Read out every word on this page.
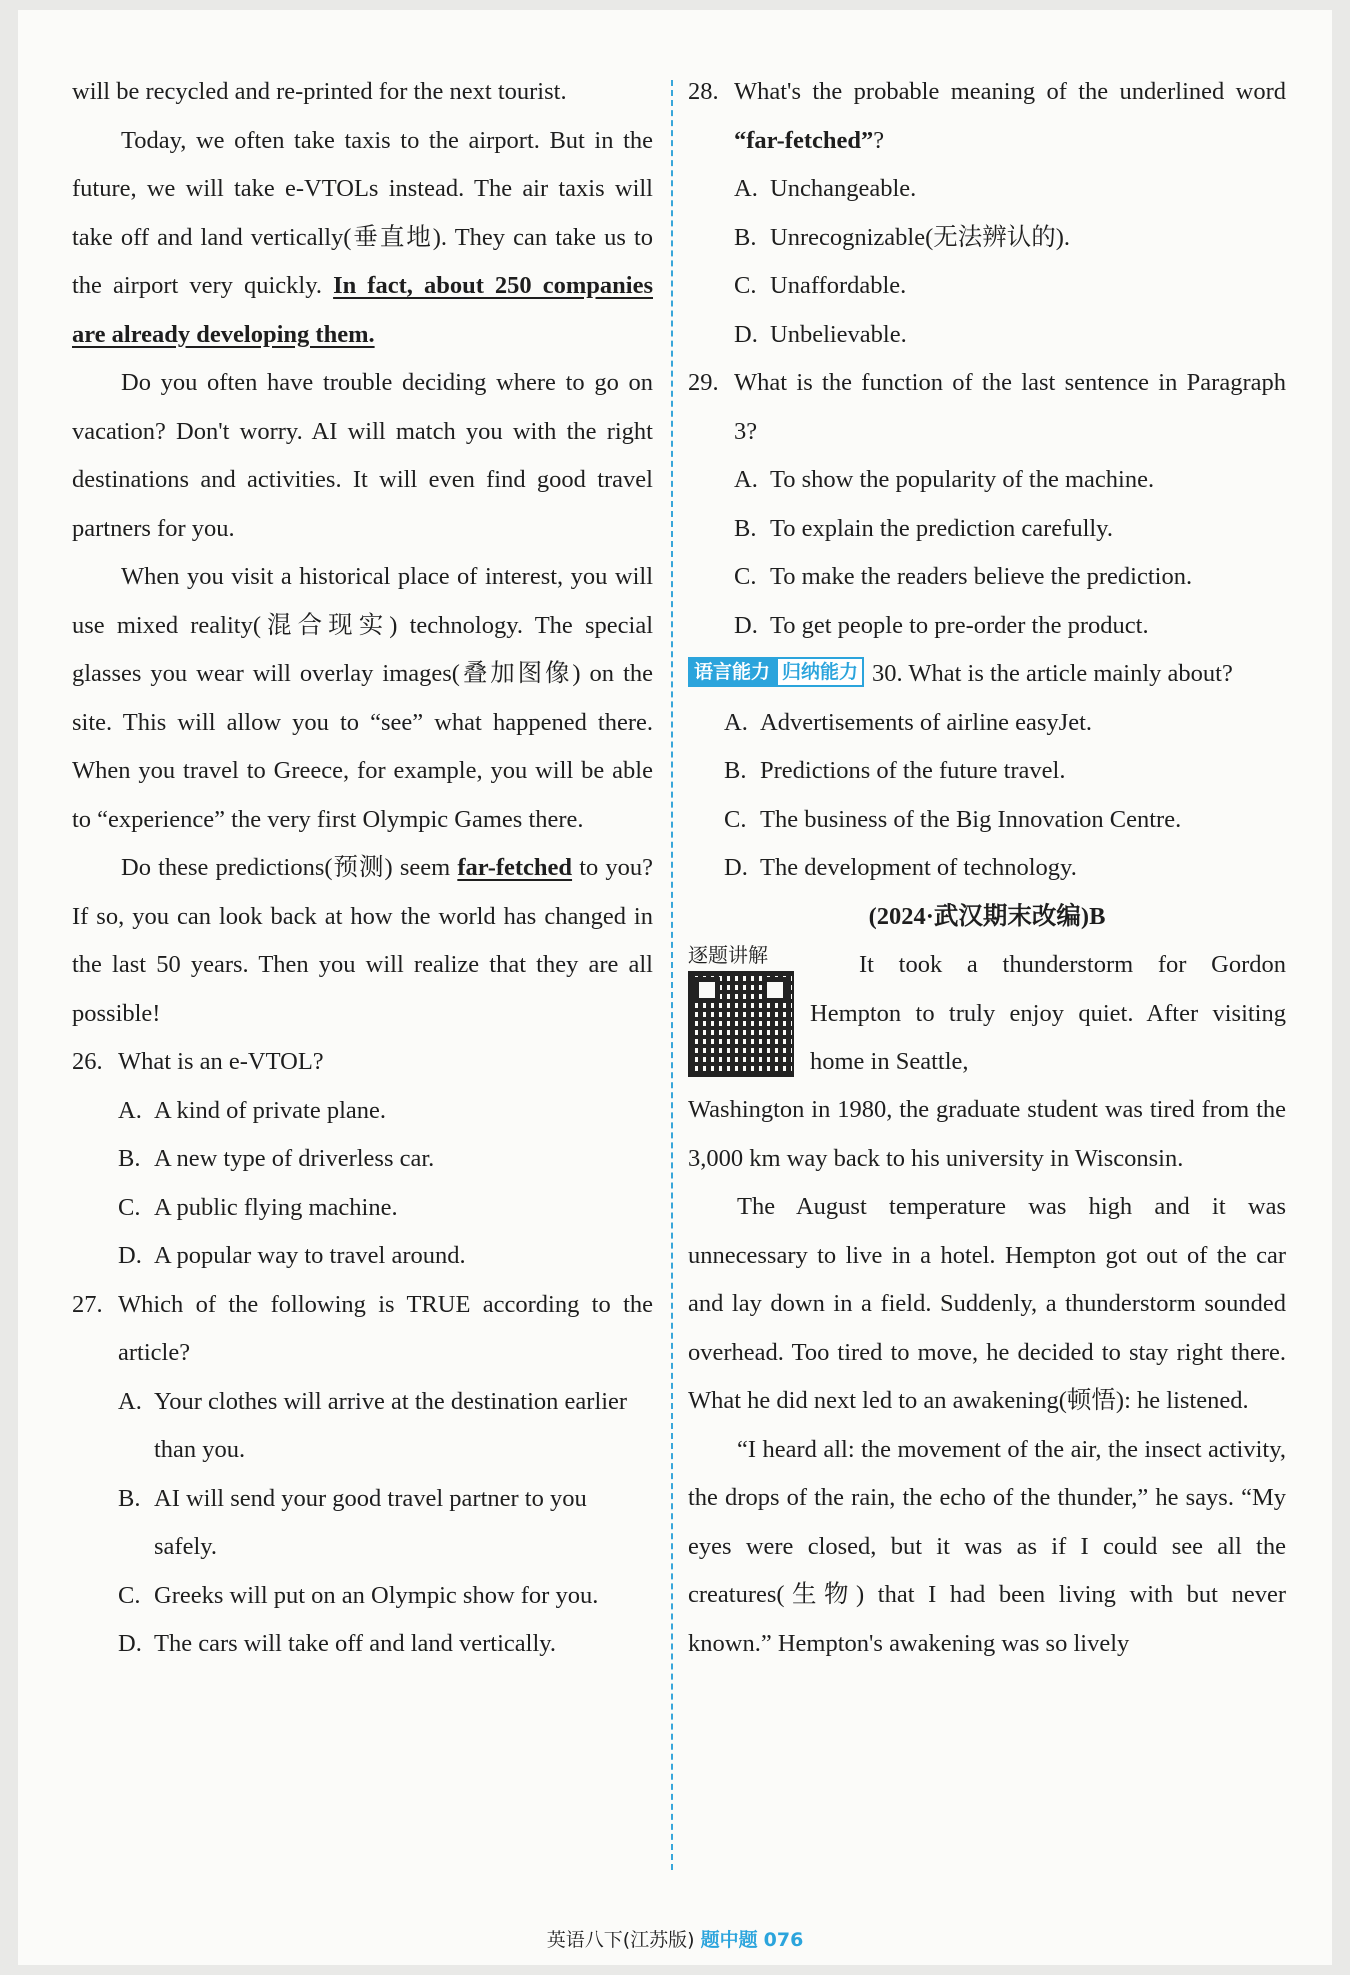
will be recycled and re-printed for the next tourist.

Today, we often take taxis to the airport. But in the future, we will take e-VTOLs instead. The air taxis will take off and land vertically(垂直地). They can take us to the airport very quickly. In fact, about 250 companies are already developing them.

Do you often have trouble deciding where to go on vacation? Don't worry. AI will match you with the right destinations and activities. It will even find good travel partners for you.

When you visit a historical place of interest, you will use mixed reality(混合现实) technology. The special glasses you wear will overlay images(叠加图像) on the site. This will allow you to “see” what happened there. When you travel to Greece, for example, you will be able to “experience” the very first Olympic Games there.

Do these predictions(预测) seem far-fetched to you? If so, you can look back at how the world has changed in the last 50 years. Then you will realize that they are all possible!

26. What is an e-VTOL?
A. A kind of private plane.
B. A new type of driverless car.
C. A public flying machine.
D. A popular way to travel around.
27. Which of the following is TRUE according to the article?
A. Your clothes will arrive at the destination earlier than you.
B. AI will send your good travel partner to you safely.
C. Greeks will put on an Olympic show for you.
D. The cars will take off and land vertically.
28. What's the probable meaning of the underlined word “far-fetched”?
A. Unchangeable.
B. Unrecognizable(无法辨认的).
C. Unaffordable.
D. Unbelievable.
29. What is the function of the last sentence in Paragraph 3?
A. To show the popularity of the machine.
B. To explain the prediction carefully.
C. To make the readers believe the prediction.
D. To get people to pre-order the product.

语言能力 归纳能力 30. What is the article mainly about?

A. Advertisements of airline easyJet.
B. Predictions of the future travel.
C. The business of the Big Innovation Centre.
D. The development of technology.

(2024·武汉期末改编)B

逐题讲解	It took a thunderstorm for Gordon Hempton to truly enjoy quiet. After visiting home in Seattle,

Washington in 1980, the graduate student was tired from the 3,000 km way back to his university in Wisconsin.

The August temperature was high and it was unnecessary to live in a hotel. Hempton got out of the car and lay down in a field. Suddenly, a thunderstorm sounded overhead. Too tired to move, he decided to stay right there. What he did next led to an awakening(顿悟): he listened.

“I heard all: the movement of the air, the insect activity, the drops of the rain, the echo of the thunder,” he says. “My eyes were closed, but it was as if I could see all the creatures(生物) that I had been living with but never known.” Hempton's awakening was so lively

英语八下(江苏版) 题中题 076
